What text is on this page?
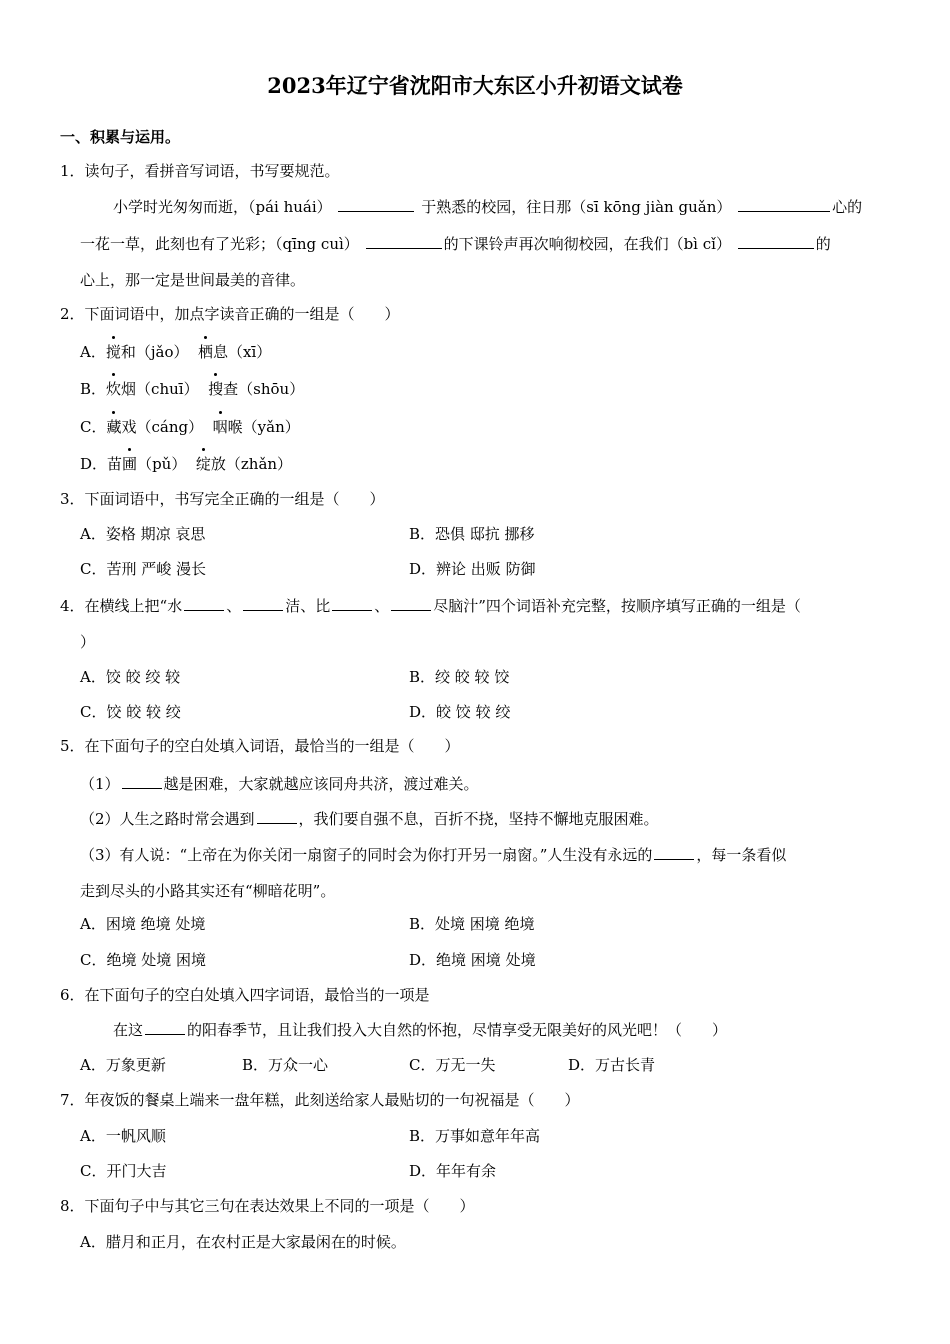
2023年辽宁省沈阳市大东区小升初语文试卷
一、积累与运用。
1．读句子，看拼音写词语，书写要规范。
小学时光匆匆而逝，（pái huái）	于熟悉的校园，往日那（sī kōng jiàn guǎn）	心的
一花一草，此刻也有了光彩；（qīng cuì）	的下课铃声再次响彻校园，在我们（bì cǐ）	的
心上，那一定是世间最美的音律。
2．下面词语中，加点字读音正确的一组是（　　）
A．搅和（jǎo） 栖息（xī）
B．炊烟（chuī） 搜查（shōu）
C．藏戏（cáng） 咽喉（yǎn）
D．苗圃（pǔ） 绽放（zhǎn）
3．下面词语中，书写完全正确的一组是（　　）
A．姿格 期凉 哀思	B．恐俱 邸抗 挪移
C．苦刑 严峻 漫长	D．辨论 出贩 防御
4．在横线上把“水	、	洁、比	、	尽脑汁”四个词语补充完整，按顺序填写正确的一组是（
）
A．饺 皎 绞 较	B．绞 皎 较 饺
C．饺 皎 较 绞	D．皎 饺 较 绞
5．在下面句子的空白处填入词语，最恰当的一组是（　　）
（1）	越是困难，大家就越应该同舟共济，渡过难关。
（2）人生之路时常会遇到	，我们要自强不息，百折不挠，坚持不懈地克服困难。
（3）有人说：“上帝在为你关闭一扇窗子的同时会为你打开另一扇窗。”人生没有永远的	，每一条看似
走到尽头的小路其实还有“柳暗花明”。
A．困境 绝境 处境	B．处境 困境 绝境
C．绝境 处境 困境	D．绝境 困境 处境
6．在下面句子的空白处填入四字词语，最恰当的一项是
在这	的阳春季节，且让我们投入大自然的怀抱，尽情享受无限美好的风光吧！（　　）
A．万象更新	B．万众一心	C．万无一失	D．万古长青
7．年夜饭的餐桌上端来一盘年糕，此刻送给家人最贴切的一句祝福是（　　）
A．一帆风顺	B．万事如意年年高
C．开门大吉	D．年年有余
8．下面句子中与其它三句在表达效果上不同的一项是（　　）
A．腊月和正月，在农村正是大家最闲在的时候。
